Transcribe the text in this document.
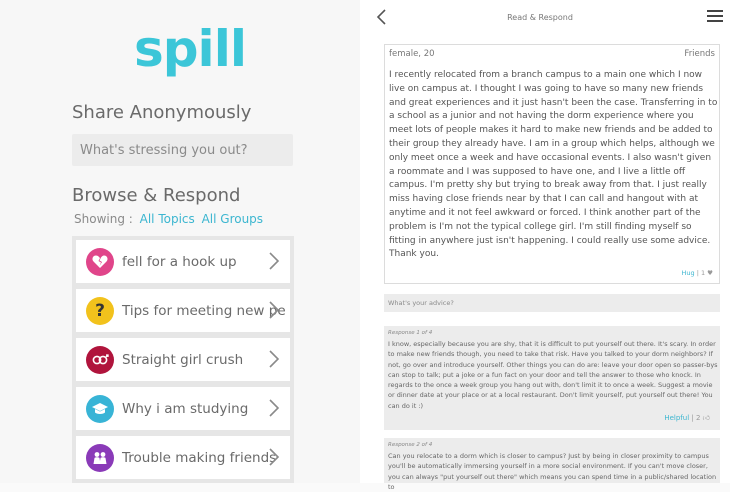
spill
Share Anonymously
What's stressing you out?
Browse & Respond
Showing : All Topics All Groups
fell for a hook up
?	Tips for meeting new pe
Straight girl crush
Why i am studying
Trouble making friends
Read & Respond
female, 20	Friends
I recently relocated from a branch campus to a main one which I now live on campus at. I thought I was going to have so many new friends and great experiences and it just hasn't been the case. Transferring in to a school as a junior and not having the dorm experience where you meet lots of people makes it hard to make new friends and be added to their group they already have. I am in a group which helps, although we only meet once a week and have occasional events. I also wasn't given a roommate and I was supposed to have one, and I live a little off campus. I'm pretty shy but trying to break away from that. I just really miss having close friends near by that I can call and hangout with at anytime and it not feel awkward or forced. I think another part of the problem is I'm not the typical college girl. I'm still finding myself so fitting in anywhere just isn't happening. I could really use some advice. Thank you.
Hug | 1 ♥
What's your advice?
Response 1 of 4
I know, especially because you are shy, that it is difficult to put yourself out there. It's scary. In order to make new friends though, you need to take that risk. Have you talked to your dorm neighbors? If not, go over and introduce yourself. Other things you can do are: leave your door open so passer-bys can stop to talk; put a joke or a fun fact on your door and tell the answer to those who knock. In regards to the once a week group you hang out with, don't limit it to once a week. Suggest a movie or dinner date at your place or at a local restaurant. Don't limit yourself, put yourself out there! You can do it :)
Helpful | 2 👍︎
Response 2 of 4
Can you relocate to a dorm which is closer to campus? Just by being in closer proximity to campus you'll be automatically immersing yourself in a more social environment. If you can't move closer, you can always "put yourself out there" which means you can spend time in a public/shared location to
